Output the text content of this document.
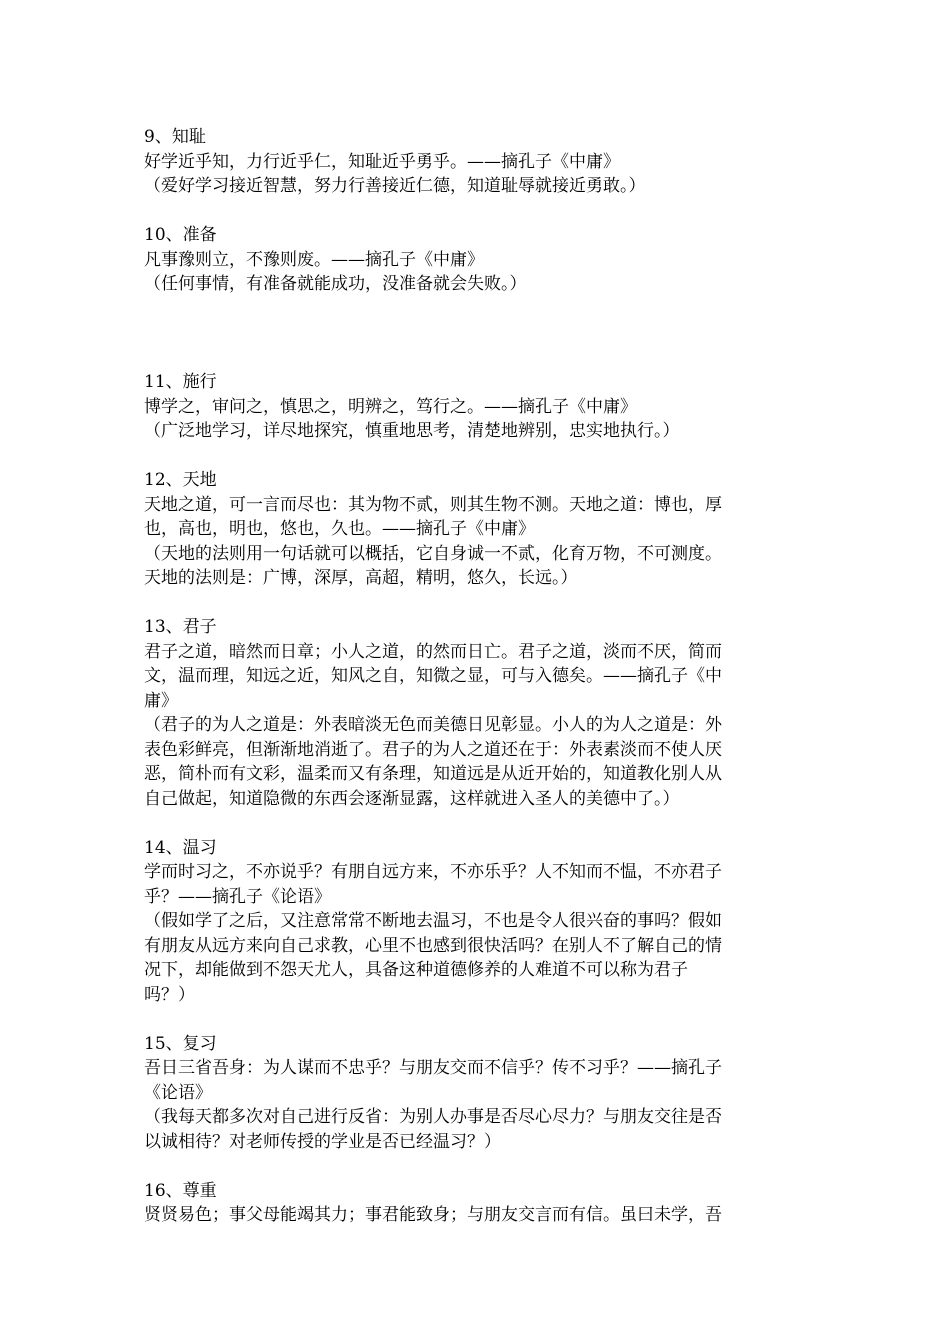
9、知耻

好学近乎知，力行近乎仁，知耻近乎勇乎。——摘孔子《中庸》

（爱好学习接近智慧，努力行善接近仁德，知道耻辱就接近勇敢。）

10、准备

凡事豫则立，不豫则废。——摘孔子《中庸》

（任何事情，有准备就能成功，没准备就会失败。）

11、施行

博学之，审问之，慎思之，明辨之，笃行之。——摘孔子《中庸》

（广泛地学习，详尽地探究，慎重地思考，清楚地辨别，忠实地执行。）

12、天地

天地之道，可一言而尽也：其为物不贰，则其生物不测。天地之道：博也，厚

也，高也，明也，悠也，久也。——摘孔子《中庸》

（天地的法则用一句话就可以概括，它自身诚一不贰，化育万物，不可测度。

天地的法则是：广博，深厚，高超，精明，悠久，长远。）

13、君子

君子之道，暗然而日章；小人之道，的然而日亡。君子之道，淡而不厌，简而

文，温而理，知远之近，知风之自，知微之显，可与入德矣。——摘孔子《中

庸》

（君子的为人之道是：外表暗淡无色而美德日见彰显。小人的为人之道是：外

表色彩鲜亮，但渐渐地消逝了。君子的为人之道还在于：外表素淡而不使人厌

恶，简朴而有文彩，温柔而又有条理，知道远是从近开始的，知道教化别人从

自己做起，知道隐微的东西会逐渐显露，这样就进入圣人的美德中了。）

14、温习

学而时习之，不亦说乎？有朋自远方来，不亦乐乎？人不知而不愠，不亦君子

乎？——摘孔子《论语》

（假如学了之后，又注意常常不断地去温习，不也是令人很兴奋的事吗？假如

有朋友从远方来向自己求教，心里不也感到很快活吗？在别人不了解自己的情

况下，却能做到不怨天尤人，具备这种道德修养的人难道不可以称为君子

吗？）

15、复习

吾日三省吾身：为人谋而不忠乎？与朋友交而不信乎？传不习乎？——摘孔子

《论语》

（我每天都多次对自己进行反省：为别人办事是否尽心尽力？与朋友交往是否

以诚相待？对老师传授的学业是否已经温习？）

16、尊重

贤贤易色；事父母能竭其力；事君能致身；与朋友交言而有信。虽曰未学，吾
